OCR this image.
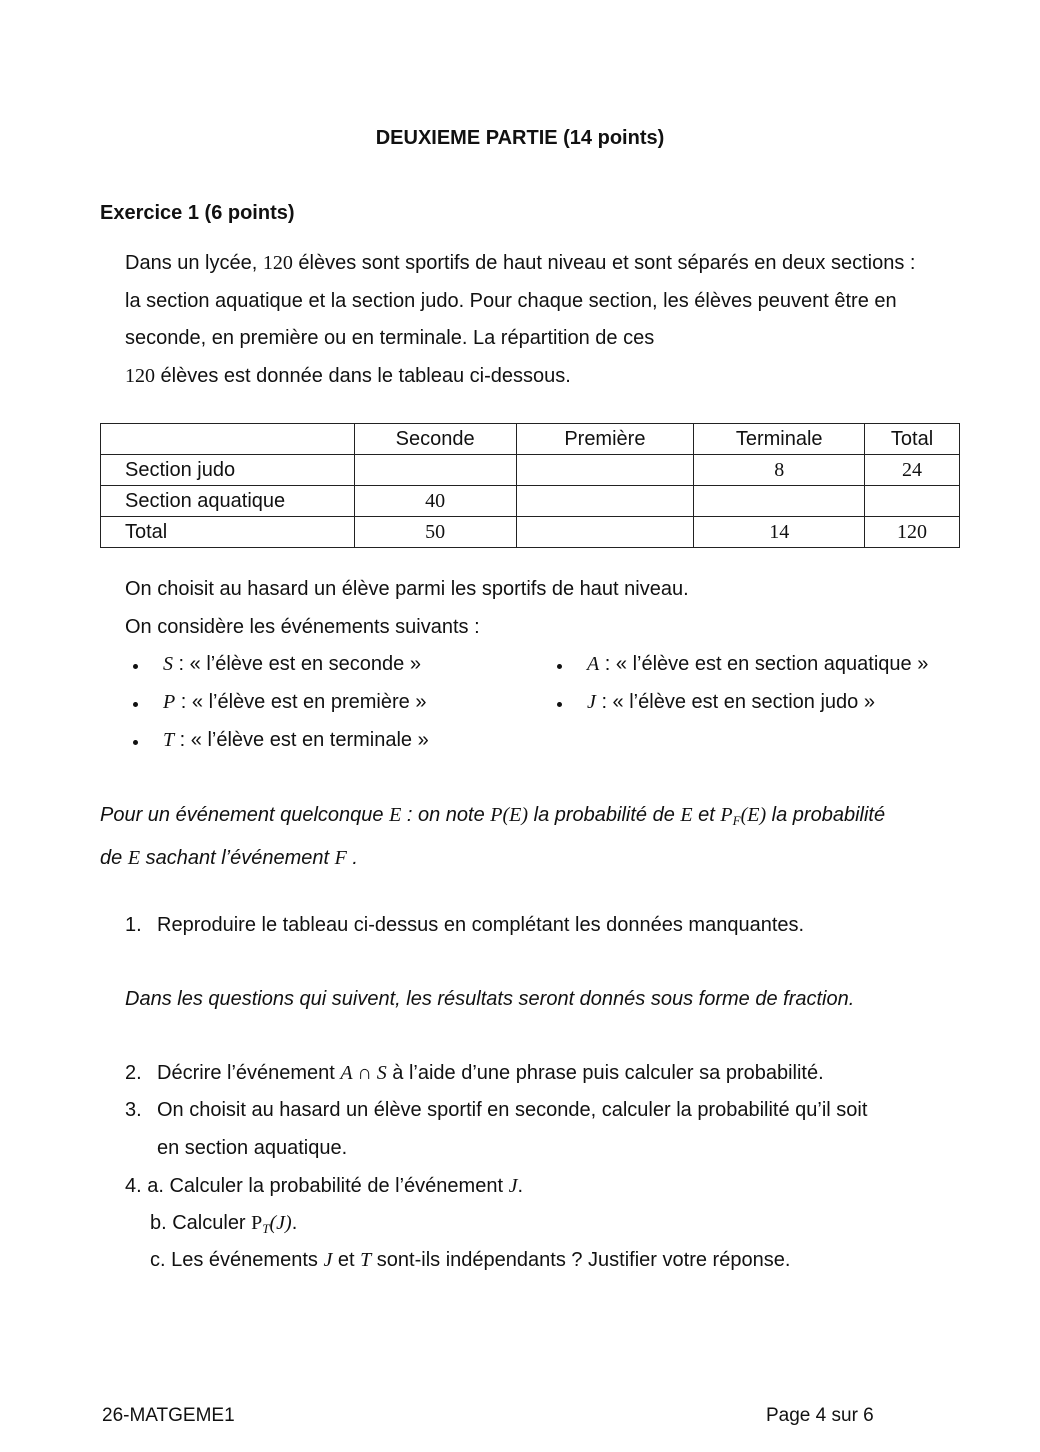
DEUXIEME PARTIE (14 points)
Exercice 1 (6 points)
Dans un lycée, 120 élèves sont sportifs de haut niveau et sont séparés en deux sections : la section aquatique et la section judo. Pour chaque section, les élèves peuvent être en seconde, en première ou en terminale. La répartition de ces
120 élèves est donnée dans le tableau ci-dessous.
	Seconde	Première	Terminale	Total
Section judo			8	24
Section aquatique	40			
Total	50		14	120
On choisit au hasard un élève parmi les sportifs de haut niveau.
On considère les événements suivants :
S : « l’élève est en seconde »
P : « l’élève est en première »
T : « l’élève est en terminale »
A : « l’élève est en section aquatique »
J : « l’élève est en section judo »
Pour un événement quelconque E : on note P(E) la probabilité de E et $P_F(E)$ la probabilité de E sachant l’événement F .
1. Reproduire le tableau ci-dessus en complétant les données manquantes.
Dans les questions qui suivent, les résultats seront donnés sous forme de fraction.
2. Décrire l’événement A ∩ S à l’aide d’une phrase puis calculer sa probabilité.
3. On choisit au hasard un élève sportif en seconde, calculer la probabilité qu’il soit
en section aquatique.
4. a. Calculer la probabilité de l’événement J.
b. Calculer $P_T(J)$.
c. Les événements J et T sont-ils indépendants ? Justifier votre réponse.
26-MATGEME1	Page 4 sur 6
